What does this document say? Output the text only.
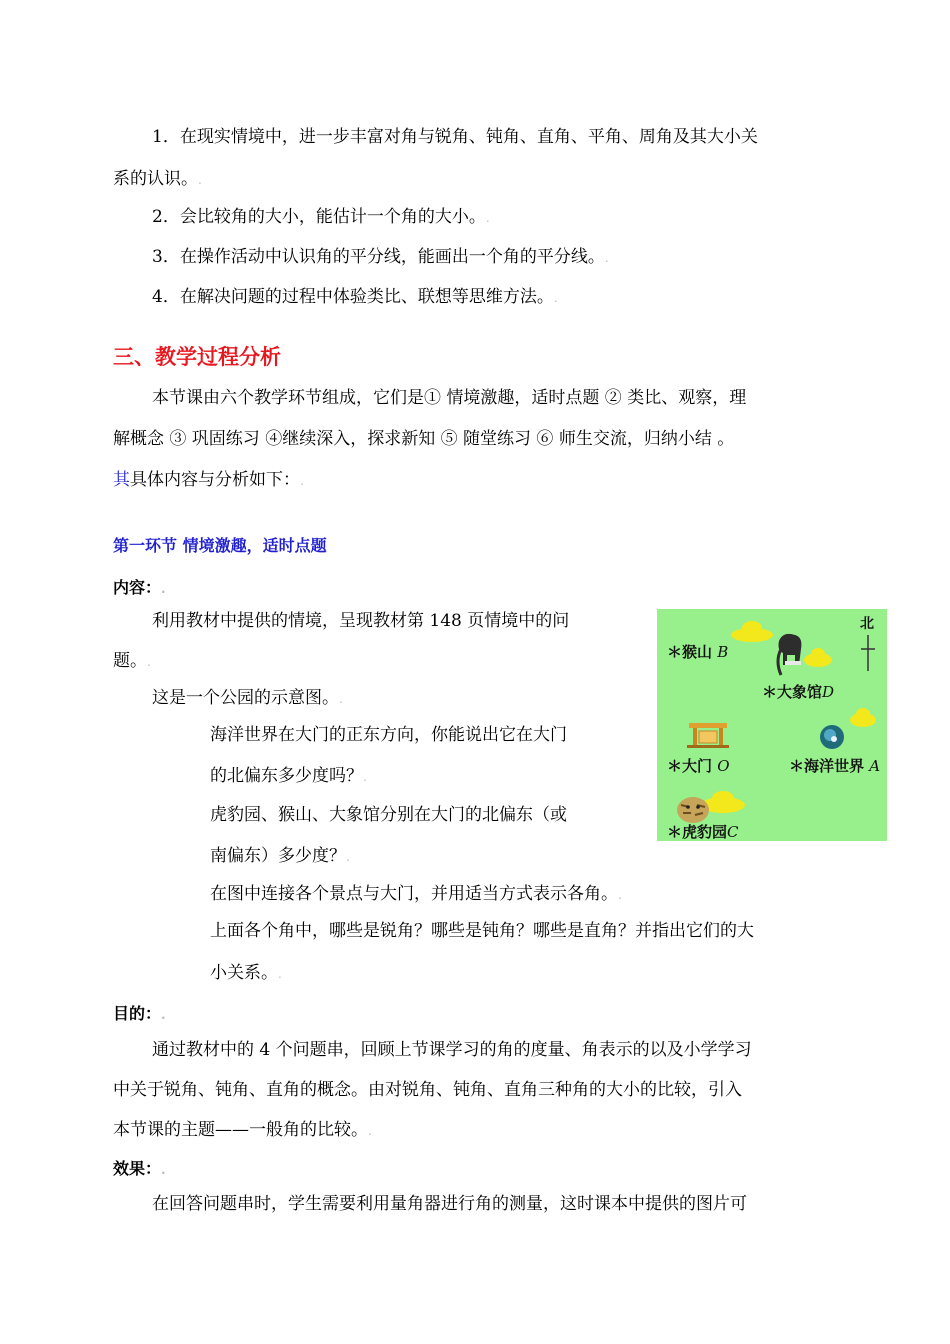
1．在现实情境中，进一步丰富对角与锐角、钝角、直角、平角、周角及其大小关
系的认识。.
2．会比较角的大小，能估计一个角的大小。.
3．在操作活动中认识角的平分线，能画出一个角的平分线。.
4．在解决问题的过程中体验类比、联想等思维方法。.
三、教学过程分析
本节课由六个教学环节组成，它们是① 情境激趣，适时点题 ② 类比、观察，理
解概念 ③ 巩固练习 ④继续深入，探求新知 ⑤ 随堂练习 ⑥ 师生交流，归纳小结 。
其具体内容与分析如下：.
第一环节 情境激趣，适时点题
内容：.
利用教材中提供的情境，呈现教材第 148 页情境中的问
题。.
这是一个公园的示意图。.
海洋世界在大门的正东方向，你能说出它在大门
的北偏东多少度吗？.
虎豹园、猴山、大象馆分别在大门的北偏东（或
南偏东）多少度？.
在图中连接各个景点与大门，并用适当方式表示各角。.
上面各个角中，哪些是锐角？哪些是钝角？哪些是直角？并指出它们的大
小关系。.
目的：.
通过教材中的 4 个问题串，回顾上节课学习的角的度量、角表示的以及小学学习
中关于锐角、钝角、直角的概念。由对锐角、钝角、直角三种角的大小的比较，引入
本节课的主题——一般角的比较。.
效果：.
在回答问题串时，学生需要利用量角器进行角的测量，这时课本中提供的图片可
北
＊猴山 B
＊大象馆D
＊大门 O	＊海洋世界 A
＊虎豹园C
